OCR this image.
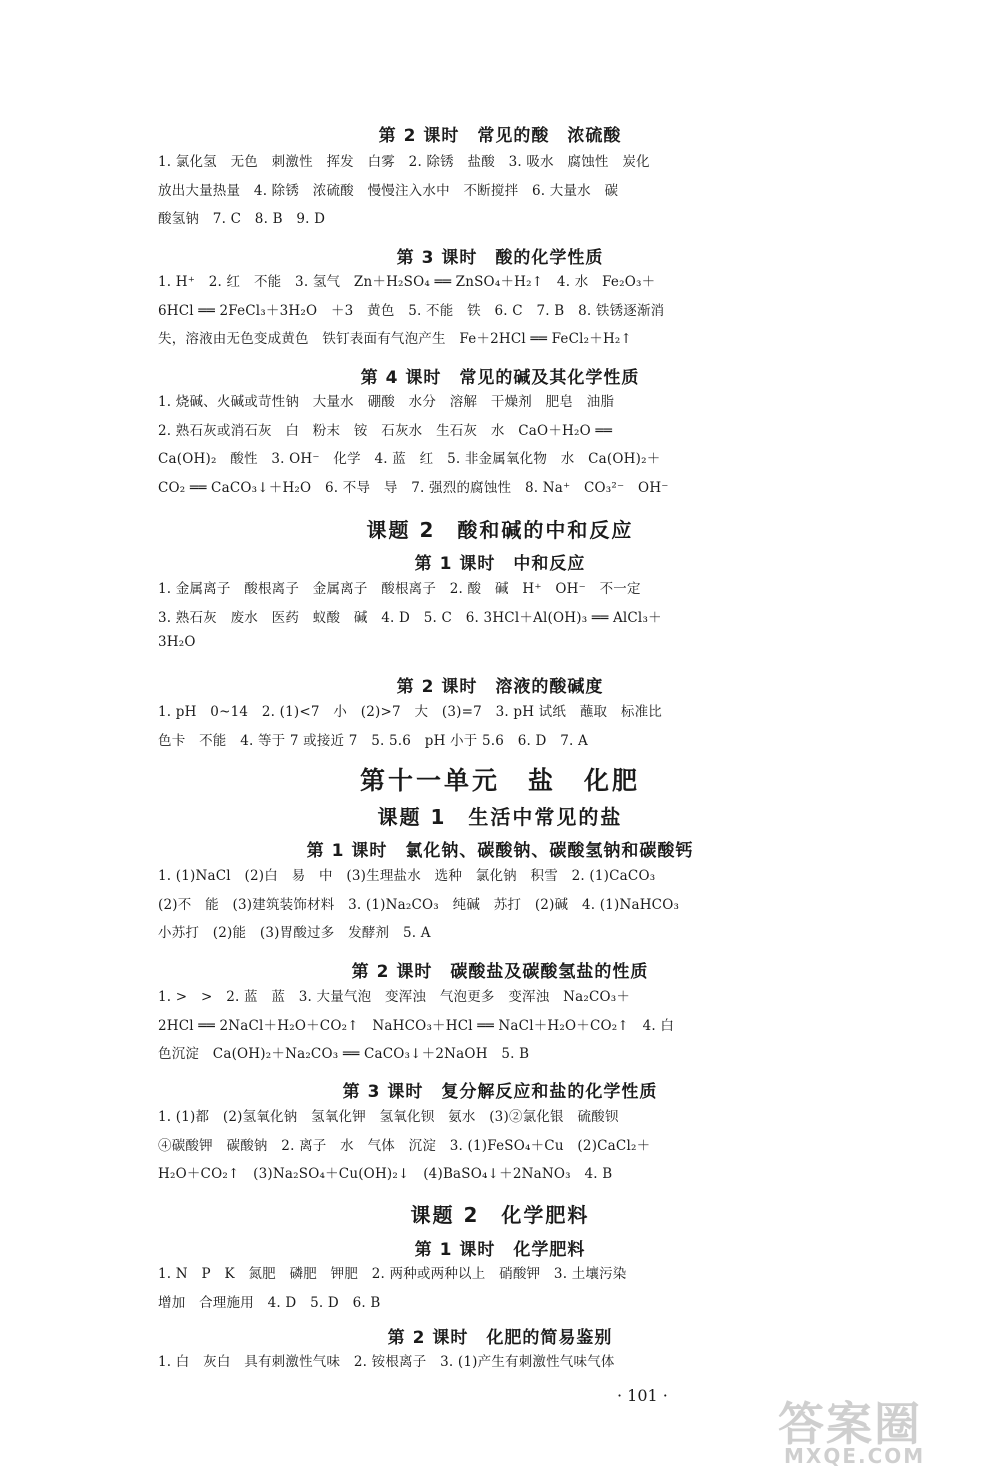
第 2 课时　常见的酸　浓硫酸
第 3 课时　酸的化学性质
第 4 课时　常见的碱及其化学性质
课题 2　酸和碱的中和反应
第 1 课时　中和反应
第 2 课时　溶液的酸碱度
第十一单元　盐　化肥
课题 1　生活中常见的盐
第 1 课时　氯化钠、碳酸钠、碳酸氢钠和碳酸钙
第 2 课时　碳酸盐及碳酸氢盐的性质
第 3 课时　复分解反应和盐的化学性质
课题 2　化学肥料
第 1 课时　化学肥料
第 2 课时　化肥的简易鉴别
1. 氯化氢　无色　刺激性　挥发　白雾　2. 除锈　盐酸　3. 吸水　腐蚀性　炭化
放出大量热量　4. 除锈　浓硫酸　慢慢注入水中　不断搅拌　6. 大量水　碳
酸氢钠　7. C　8. B　9. D
1. H⁺　2. 红　不能　3. 氢气　Zn＋H₂SO₄ ══ ZnSO₄＋H₂↑　4. 水　Fe₂O₃＋
6HCl ══ 2FeCl₃＋3H₂O　＋3　黄色　5. 不能　铁　6. C　7. B　8. 铁锈逐渐消
失，溶液由无色变成黄色　铁钉表面有气泡产生　Fe＋2HCl ══ FeCl₂＋H₂↑
1. 烧碱、火碱或苛性钠　大量水　硼酸　水分　溶解　干燥剂　肥皂　油脂
2. 熟石灰或消石灰　白　粉末　铵　石灰水　生石灰　水　CaO＋H₂O ══
Ca(OH)₂　酸性　3. OH⁻　化学　4. 蓝　红　5. 非金属氧化物　水　Ca(OH)₂＋
CO₂ ══ CaCO₃↓＋H₂O　6. 不导　导　7. 强烈的腐蚀性　8. Na⁺　CO₃²⁻　OH⁻
1. 金属离子　酸根离子　金属离子　酸根离子　2. 酸　碱　H⁺　OH⁻　不一定
3. 熟石灰　废水　医药　蚁酸　碱　4. D　5. C　6. 3HCl＋Al(OH)₃ ══ AlCl₃＋
3H₂O
1. pH　0~14　2. (1)<7　小　(2)>7　大　(3)=7　3. pH 试纸　蘸取　标准比
色卡　不能　4. 等于 7 或接近 7　5. 5.6　pH 小于 5.6　6. D　7. A
1. (1)NaCl　(2)白　易　中　(3)生理盐水　选种　氯化钠　积雪　2. (1)CaCO₃
(2)不　能　(3)建筑装饰材料　3. (1)Na₂CO₃　纯碱　苏打　(2)碱　4. (1)NaHCO₃
小苏打　(2)能　(3)胃酸过多　发酵剂　5. A
1. >　>　2. 蓝　蓝　3. 大量气泡　变浑浊　气泡更多　变浑浊　Na₂CO₃＋
2HCl ══ 2NaCl＋H₂O＋CO₂↑　NaHCO₃＋HCl ══ NaCl＋H₂O＋CO₂↑　4. 白
色沉淀　Ca(OH)₂＋Na₂CO₃ ══ CaCO₃↓＋2NaOH　5. B
1. (1)都　(2)氢氧化钠　氢氧化钾　氢氧化钡　氨水　(3)②氯化银　硫酸钡
④碳酸钾　碳酸钠　2. 离子　水　气体　沉淀　3. (1)FeSO₄＋Cu　(2)CaCl₂＋
H₂O＋CO₂↑　(3)Na₂SO₄＋Cu(OH)₂↓　(4)BaSO₄↓＋2NaNO₃　4. B
1. N　P　K　氮肥　磷肥　钾肥　2. 两种或两种以上　硝酸钾　3. 土壤污染
增加　合理施用　4. D　5. D　6. B
1. 白　灰白　具有刺激性气味　2. 铵根离子　3. (1)产生有刺激性气味气体
· 101 ·
答案圈
MXQE.COM
